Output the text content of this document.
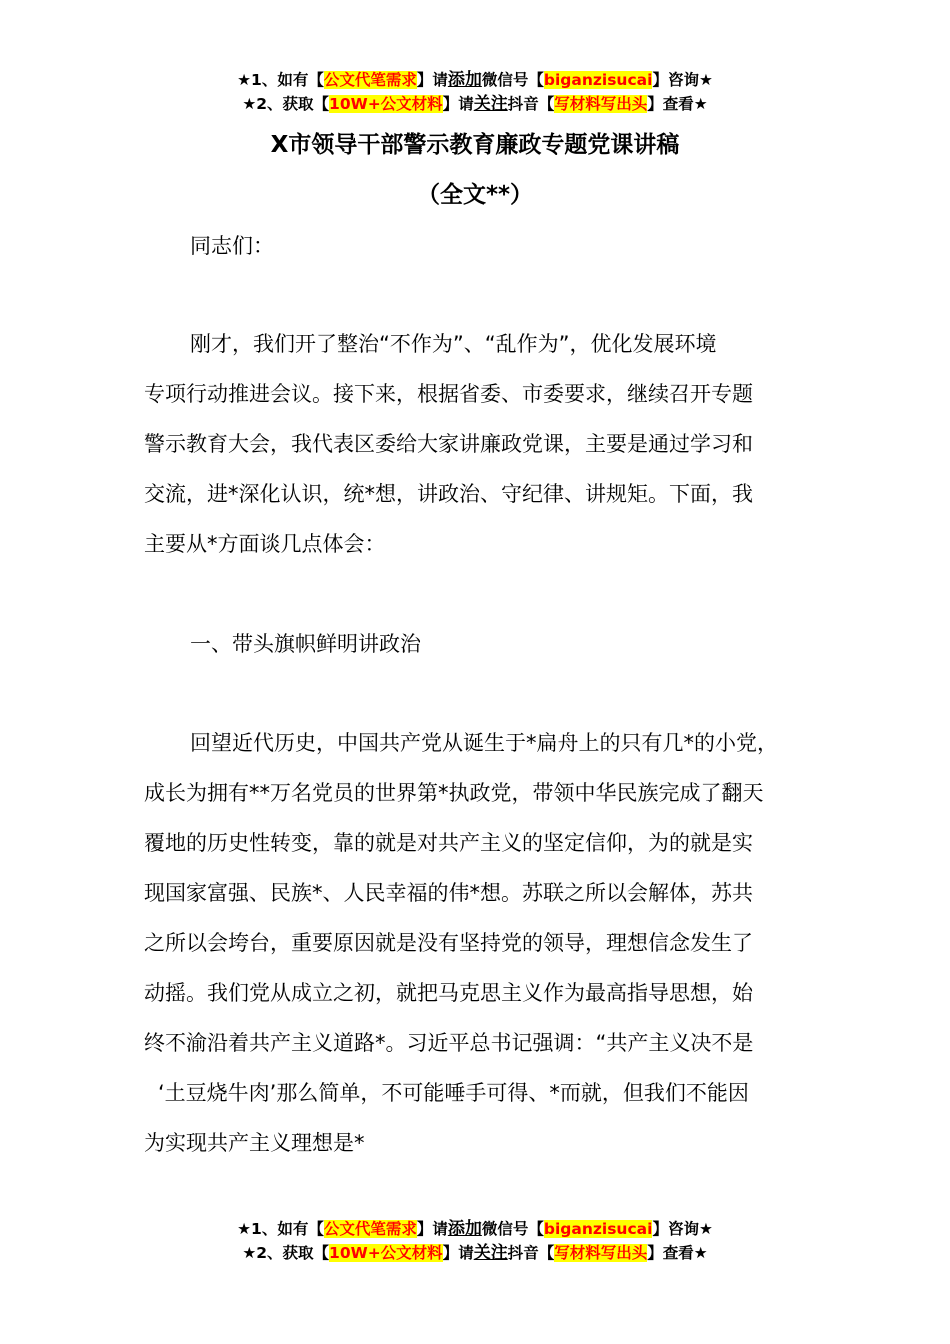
★1、如有【公文代笔需求】请添加微信号【biganzisucai】咨询★
★2、获取【10W+公文材料】请关注抖音【写材料写出头】查看★
X市领导干部警示教育廉政专题党课讲稿
（全文**）
同志们：
刚才，我们开了整治“不作为”、“乱作为”，优化发展环境
专项行动推进会议。接下来，根据省委、市委要求，继续召开专题
警示教育大会，我代表区委给大家讲廉政党课，主要是通过学习和
交流，进*深化认识，统*想，讲政治、守纪律、讲规矩。下面，我
主要从*方面谈几点体会：
一、带头旗帜鲜明讲政治
回望近代历史，中国共产党从诞生于*扁舟上的只有几*的小党，
成长为拥有**万名党员的世界第*执政党，带领中华民族完成了翻天
覆地的历史性转变，靠的就是对共产主义的坚定信仰，为的就是实
现国家富强、民族*、人民幸福的伟*想。苏联之所以会解体，苏共
之所以会垮台，重要原因就是没有坚持党的领导，理想信念发生了
动摇。我们党从成立之初，就把马克思主义作为最高指导思想，始
终不渝沿着共产主义道路*。习近平总书记强调：“共产主义决不是
‘土豆烧牛肉’那么简单，不可能唾手可得、*而就，但我们不能因
为实现共产主义理想是*
★1、如有【公文代笔需求】请添加微信号【biganzisucai】咨询★
★2、获取【10W+公文材料】请关注抖音【写材料写出头】查看★
